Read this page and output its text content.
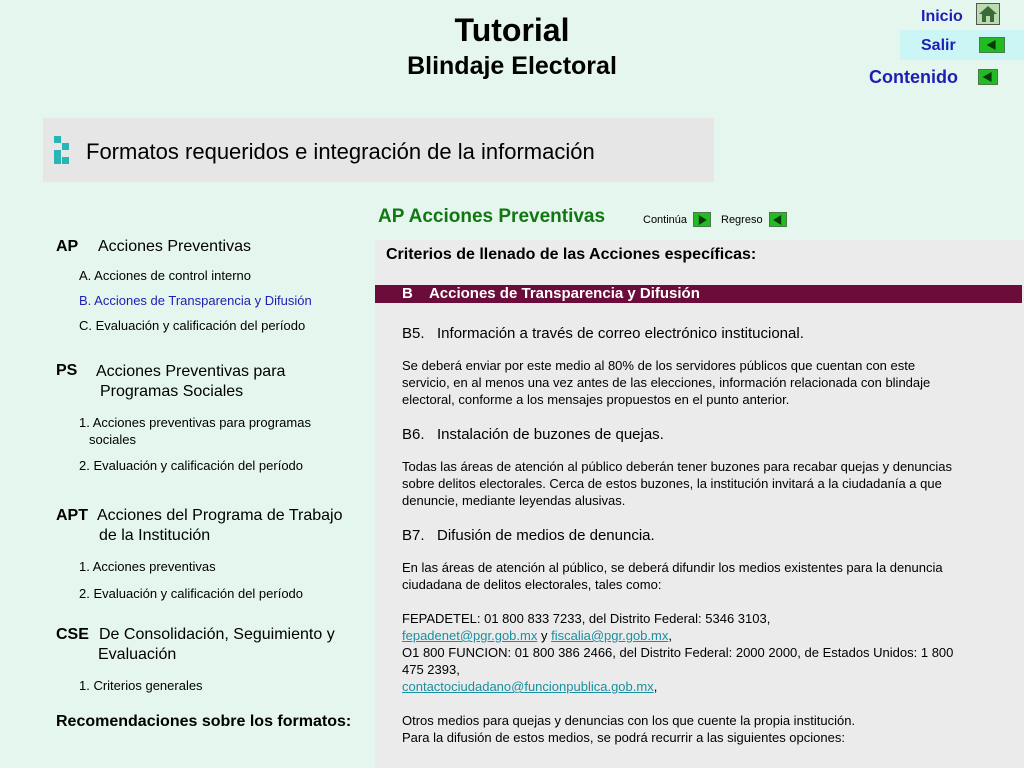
Tutorial
Blindaje Electoral
Inicio
Salir
Contenido
Formatos requeridos e integración de la información
AP Acciones Preventivas	Continúa	Regreso
AP Acciones Preventivas
A. Acciones de control interno
B. Acciones de Transparencia y Difusión
C. Evaluación y calificación del período
PS Acciones Preventivas para
Programas Sociales
1. Acciones preventivas para programas
sociales
2. Evaluación y calificación del período
APT Acciones del Programa de Trabajo
de la Institución
1. Acciones preventivas
2. Evaluación y calificación del período
CSE De Consolidación, Seguimiento y
Evaluación
1. Criterios generales
Recomendaciones sobre los formatos:
Criterios de llenado de las Acciones específicas:
B    Acciones de Transparencia y Difusión
B5.   Información a través de correo electrónico institucional.
Se deberá enviar por este medio al 80% de los servidores públicos que cuentan con este
servicio, en al menos una vez antes de las elecciones, información relacionada con blindaje
electoral, conforme a los mensajes propuestos en el punto anterior.
B6.   Instalación de buzones de quejas.
Todas las áreas de atención al público deberán tener buzones para recabar quejas y denuncias
sobre delitos electorales. Cerca de estos buzones, la institución invitará a la ciudadanía a que
denuncie, mediante leyendas alusivas.
B7.   Difusión de medios de denuncia.
En las áreas de atención al público, se deberá difundir los medios existentes para la denuncia
ciudadana de delitos electorales, tales como:
FEPADETEL: 01 800 833 7233, del Distrito Federal: 5346 3103,
fepadenet@pgr.gob.mx y fiscalia@pgr.gob.mx,
O1 800 FUNCION: 01 800 386 2466, del Distrito Federal: 2000 2000, de Estados Unidos: 1 800
475 2393,
contactociudadano@funcionpublica.gob.mx,
Otros medios para quejas y denuncias con los que cuente la propia institución.
Para la difusión de estos medios, se podrá recurrir a las siguientes opciones:
